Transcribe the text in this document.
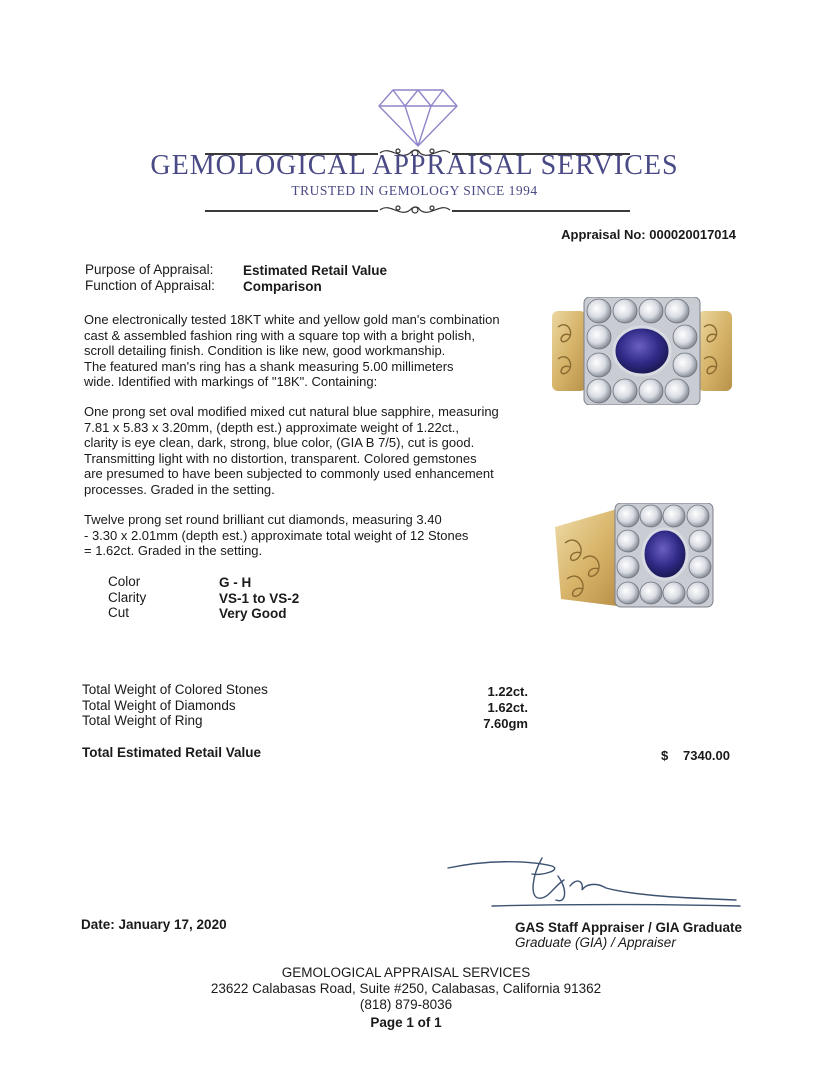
GEMOLOGICAL APPRAISAL SERVICES
TRUSTED IN GEMOLOGY SINCE 1994
Appraisal No: 000020017014
Purpose of Appraisal: Estimated Retail Value
Function of Appraisal: Comparison
One electronically tested 18KT white and yellow gold man's combination
cast & assembled fashion ring with a square top with a bright polish,
scroll detailing finish. Condition is like new, good workmanship.
The featured man's ring has a shank measuring 5.00 millimeters
wide. Identified with markings of "18K". Containing:
One prong set oval modified mixed cut natural blue sapphire, measuring
7.81 x 5.83 x 3.20mm, (depth est.) approximate weight of 1.22ct.,
clarity is eye clean, dark, strong, blue color, (GIA B 7/5), cut is good.
Transmitting light with no distortion, transparent. Colored gemstones
are presumed to have been subjected to commonly used enhancement
processes. Graded in the setting.
Twelve prong set round brilliant cut diamonds, measuring 3.40
- 3.30 x 2.01mm (depth est.) approximate total weight of 12 Stones
= 1.62ct. Graded in the setting.
Color	G - H
Clarity	VS-1 to VS-2
Cut	Very Good
Total Weight of Colored Stones	1.22ct.
Total Weight of Diamonds	1.62ct.
Total Weight of Ring	7.60gm
Total Estimated Retail Value	$ 7340.00
Date: January 17, 2020	GAS Staff Appraiser / GIA Graduate
Graduate (GIA) / Appraiser
GEMOLOGICAL APPRAISAL SERVICES
23622 Calabasas Road, Suite #250, Calabasas, California 91362
(818) 879-8036
Page 1 of 1
